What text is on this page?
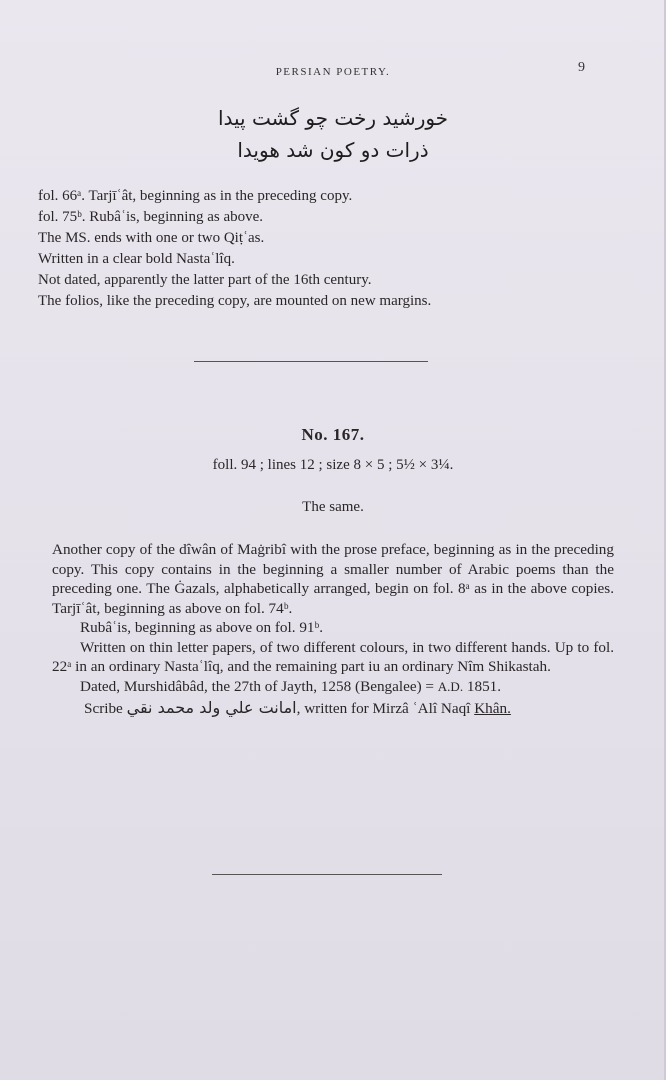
PERSIAN POETRY.	9
خورشید رخت چو گشت پیدا
ذرات دو کون شد هویدا
fol. 66ᵃ. Tarjīʿât, beginning as in the preceding copy.
fol. 75ᵇ. Rubâʿis, beginning as above.
The MS. ends with one or two Qiṭʿas.
Written in a clear bold Nastaʿlîq.
Not dated, apparently the latter part of the 16th century.
The folios, like the preceding copy, are mounted on new margins.
No. 167.
foll. 94 ; lines 12 ; size 8 × 5 ; 5½ × 3¼.
The same.

Another copy of the dîwân of Maġribî with the prose preface, beginning as in the preceding copy. This copy contains in the beginning a smaller number of Arabic poems than the preceding one. The Ġazals, alphabetically arranged, begin on fol. 8ᵃ as in the above copies. Tarjīʿât, beginning as above on fol. 74ᵇ.

Rubâʿis, beginning as above on fol. 91ᵇ.

Written on thin letter papers, of two different colours, in two different hands. Up to fol. 22ᵃ in an ordinary Nastaʿlîq, and the remaining part iu an ordinary Nîm Shikastah.

Dated, Murshidâbâd, the 27th of Jayth, 1258 (Bengalee) = A.D. 1851.

Scribe امانت علي ولد محمد نقي, written for Mirzâ ʿAlî Naqî Khân.
